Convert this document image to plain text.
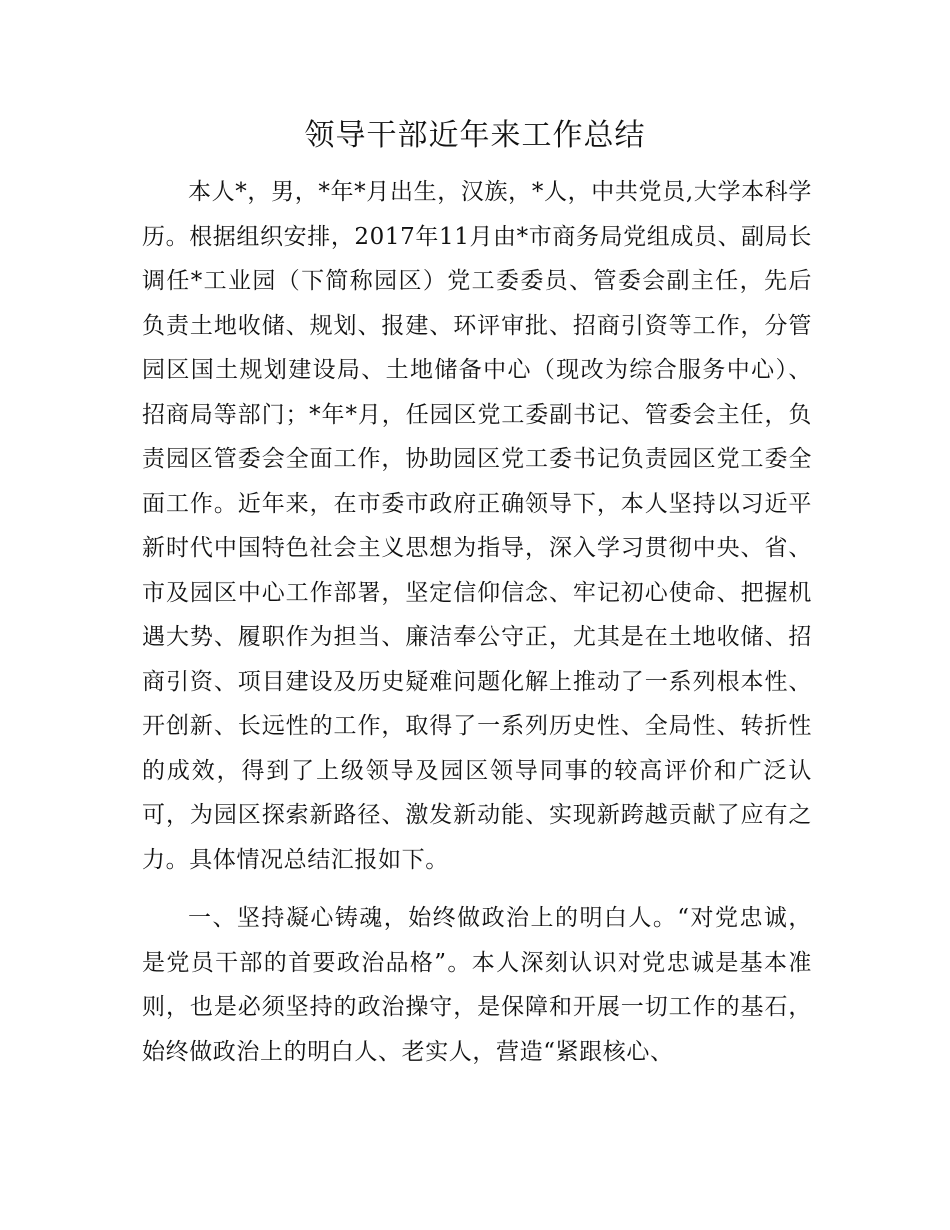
领导干部近年来工作总结

本人*，男，*年*月出生，汉族，*人，中共党员,大学本科学历。根据组织安排，2017年11月由*市商务局党组成员、副局长调任*工业园（下简称园区）党工委委员、管委会副主任，先后负责土地收储、规划、报建、环评审批、招商引资等工作，分管园区国土规划建设局、土地储备中心（现改为综合服务中心）、招商局等部门；*年*月，任园区党工委副书记、管委会主任，负责园区管委会全面工作，协助园区党工委书记负责园区党工委全面工作。近年来，在市委市政府正确领导下，本人坚持以习近平新时代中国特色社会主义思想为指导，深入学习贯彻中央、省、市及园区中心工作部署，坚定信仰信念、牢记初心使命、把握机遇大势、履职作为担当、廉洁奉公守正，尤其是在土地收储、招商引资、项目建设及历史疑难问题化解上推动了一系列根本性、开创新、长远性的工作，取得了一系列历史性、全局性、转折性的成效，得到了上级领导及园区领导同事的较高评价和广泛认可，为园区探索新路径、激发新动能、实现新跨越贡献了应有之力。具体情况总结汇报如下。

一、坚持凝心铸魂，始终做政治上的明白人。“对党忠诚，是党员干部的首要政治品格”。本人深刻认识对党忠诚是基本准则，也是必须坚持的政治操守，是保障和开展一切工作的基石，始终做政治上的明白人、老实人，营造“紧跟核心、
